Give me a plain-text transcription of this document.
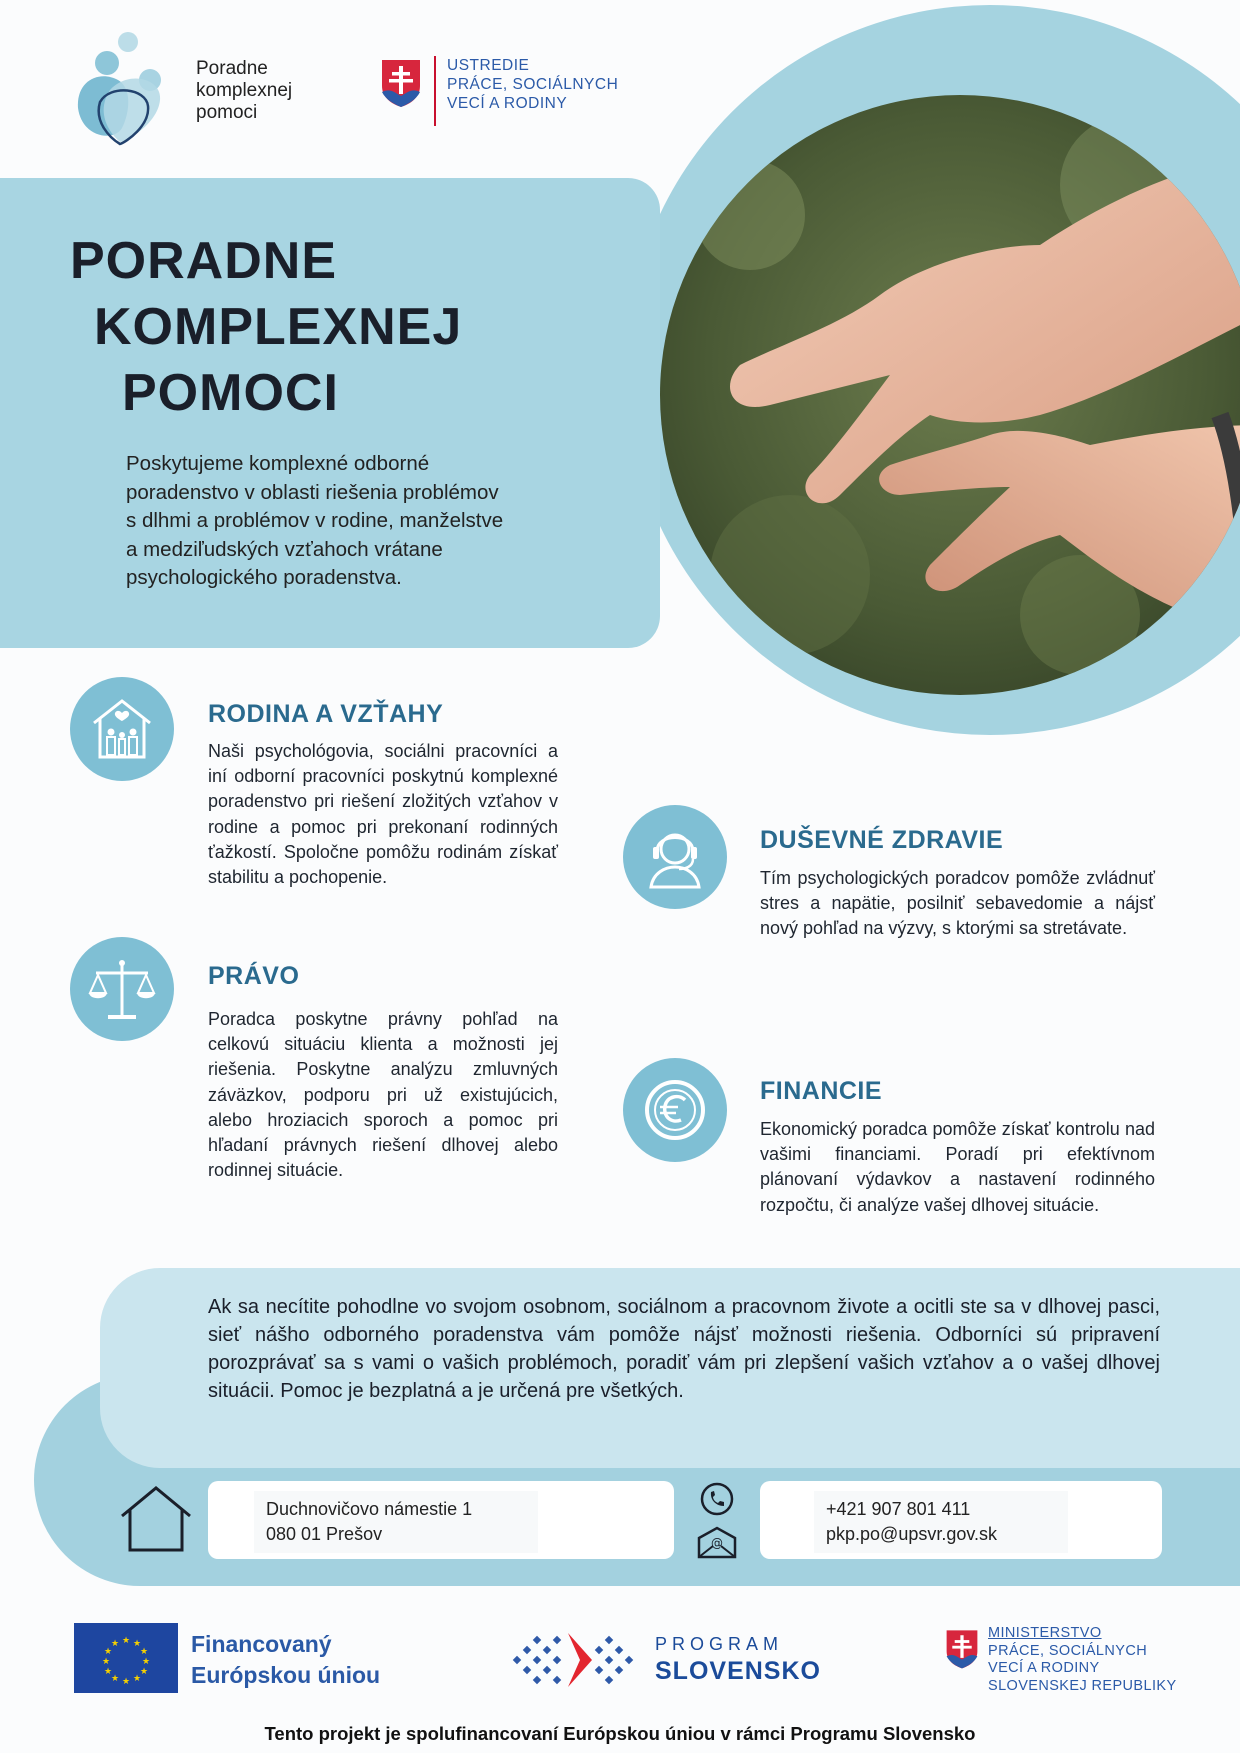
Poradne
komplexnej
pomoci
USTREDIE
PRÁCE, SOCIÁLNYCH
VECÍ A RODINY
PORADNE
KOMPLEXNEJ
POMOCI
Poskytujeme komplexné odborné
poradenstvo v oblasti riešenia problémov
s dlhmi a problémov v rodine, manželstve
a medziľudských vzťahoch vrátane
psychologického poradenstva.
RODINA A VZŤAHY
Naši psychológovia, sociálni pracovníci a iní odborní pracovníci poskytnú komplexné poradenstvo pri riešení zložitých vzťahov v rodine a pomoc pri prekonaní rodinných ťažkostí. Spoločne pomôžu rodinám získať stabilitu a pochopenie.
DUŠEVNÉ ZDRAVIE
Tím psychologických poradcov pomôže zvládnuť stres a napätie, posilniť sebavedomie a nájsť nový pohľad na výzvy, s ktorými sa stretávate.
PRÁVO
Poradca poskytne právny pohľad na celkovú situáciu klienta a možnosti jej riešenia. Poskytne analýzu zmluvných záväzkov, podporu pri už existujúcich, alebo hroziacich sporoch a pomoc pri hľadaní právnych riešení dlhovej alebo rodinnej situácie.
FINANCIE
Ekonomický poradca pomôže získať kontrolu nad vašimi financiami. Poradí pri efektívnom plánovaní výdavkov a nastavení rodinného rozpočtu, či analýze vašej dlhovej situácie.
Ak sa necítite pohodlne vo svojom osobnom, sociálnom a pracovnom živote a ocitli ste sa v dlhovej pasci, sieť nášho odborného poradenstva vám pomôže nájsť možnosti riešenia. Odborníci sú pripravení porozprávať sa s vami o vašich problémoch, poradiť vám pri zlepšení vašich vzťahov a o vašej dlhovej situácii. Pomoc je bezplatná a je určená pre všetkých.
Duchnovičovo námestie 1
080 01 Prešov	@
+421 907 801 411
pkp.po@upsvr.gov.sk
★ ★
★
★
★
★
★
★
★
★
★
★	Financovaný
Európskou úniou
PROGRAM
SLOVENSKO
MINISTERSTVO
PRÁCE, SOCIÁLNYCH
VECÍ A RODINY
SLOVENSKEJ REPUBLIKY
Tento projekt je spolufinancovaní Európskou úniou v rámci Programu Slovensko
